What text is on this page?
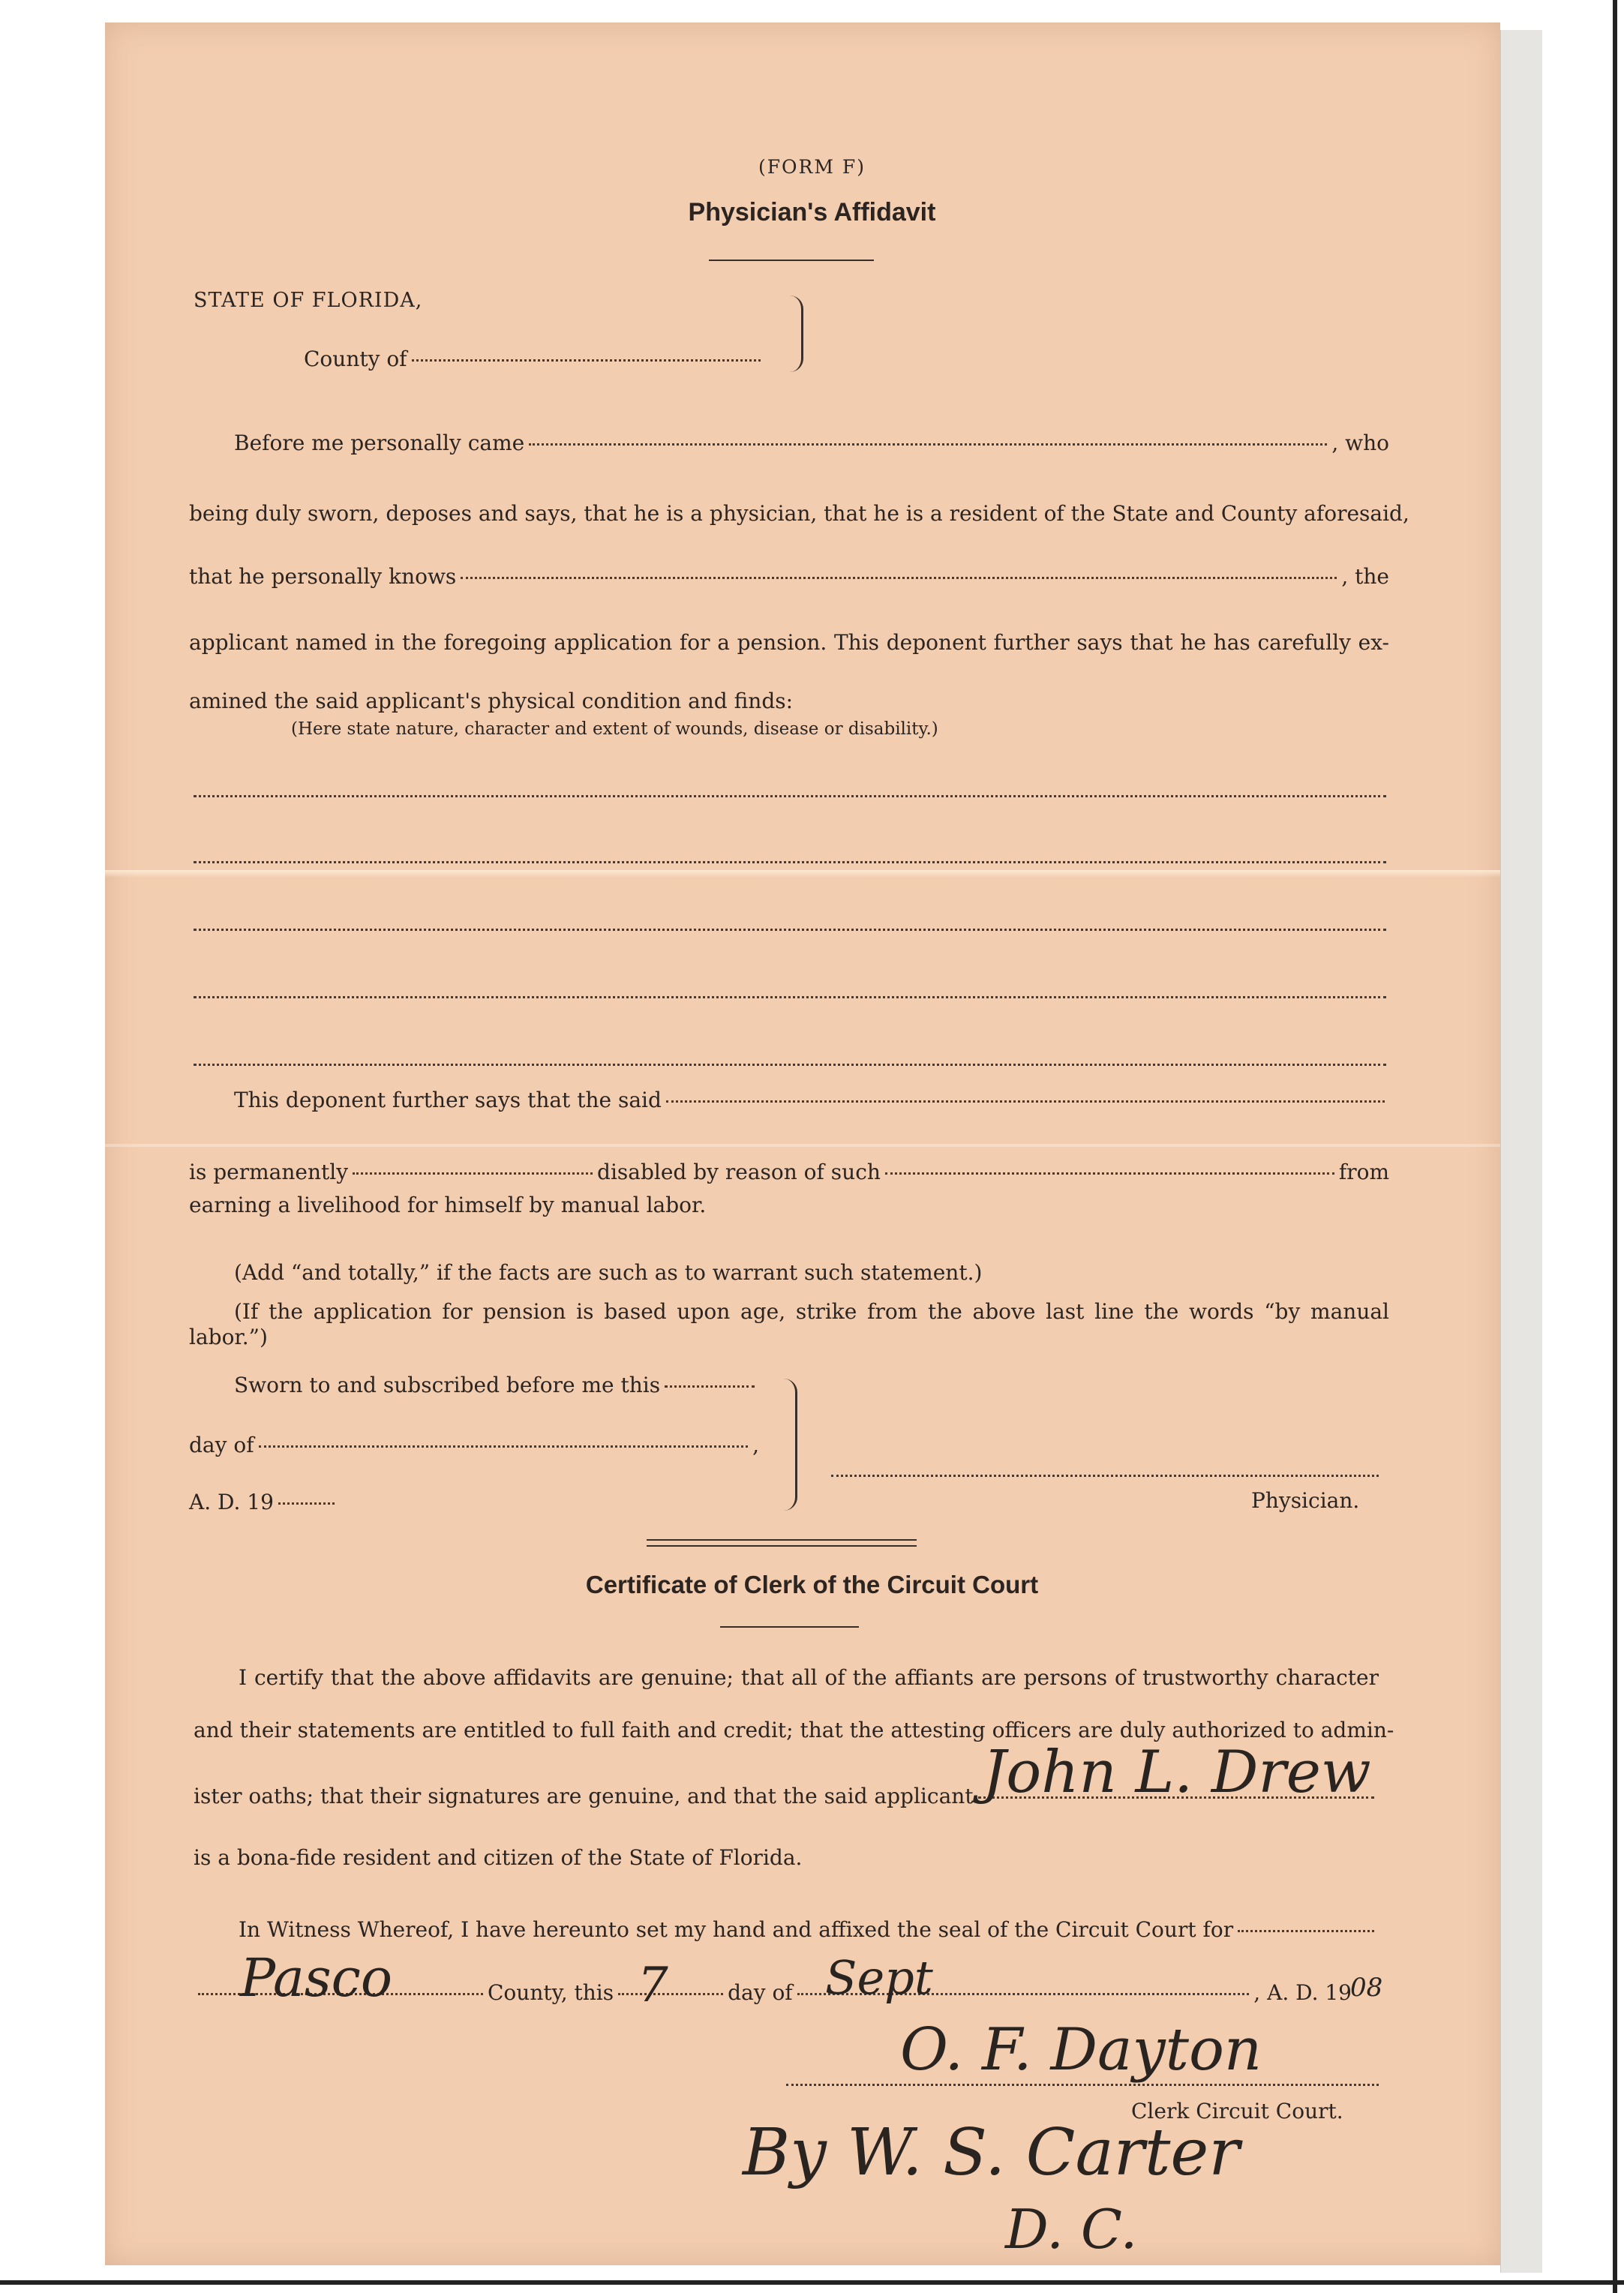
(FORM F)
Physician's Affidavit
STATE OF FLORIDA,
County of
Before me personally came	, who
being duly sworn, deposes and says, that he is a physician, that he is a resident of the State and County aforesaid,
that he personally knows	, the
applicant named in the foregoing application for a pension. This deponent further says that he has carefully ex-
amined the said applicant's physical condition and finds:
(Here state nature, character and extent of wounds, disease or disability.)
This deponent further says that the said
is permanently	disabled by reason of such	from
earning a livelihood for himself by manual labor.
(Add “and totally,” if the facts are such as to warrant such statement.)
(If the application for pension is based upon age, strike from the above last line the words “by manual
labor.”)
Sworn to and subscribed before me this
day of	,
A. D. 19	Physician.
Certificate of Clerk of the Circuit Court
I certify that the above affidavits are genuine; that all of the affiants are persons of trustworthy character
and their statements are entitled to full faith and credit; that the attesting officers are duly authorized to admin-
ister oaths; that their signatures are genuine, and that the said applicant John L. Drew
is a bona-fide resident and citizen of the State of Florida.
In Witness Whereof, I have hereunto set my hand and affixed the seal of the Circuit Court for
County, this	day of	, A. D. 19
Pasco	7	Sept	08
O. F. Dayton
Clerk Circuit Court.
By W. S. Carter
D. C.
